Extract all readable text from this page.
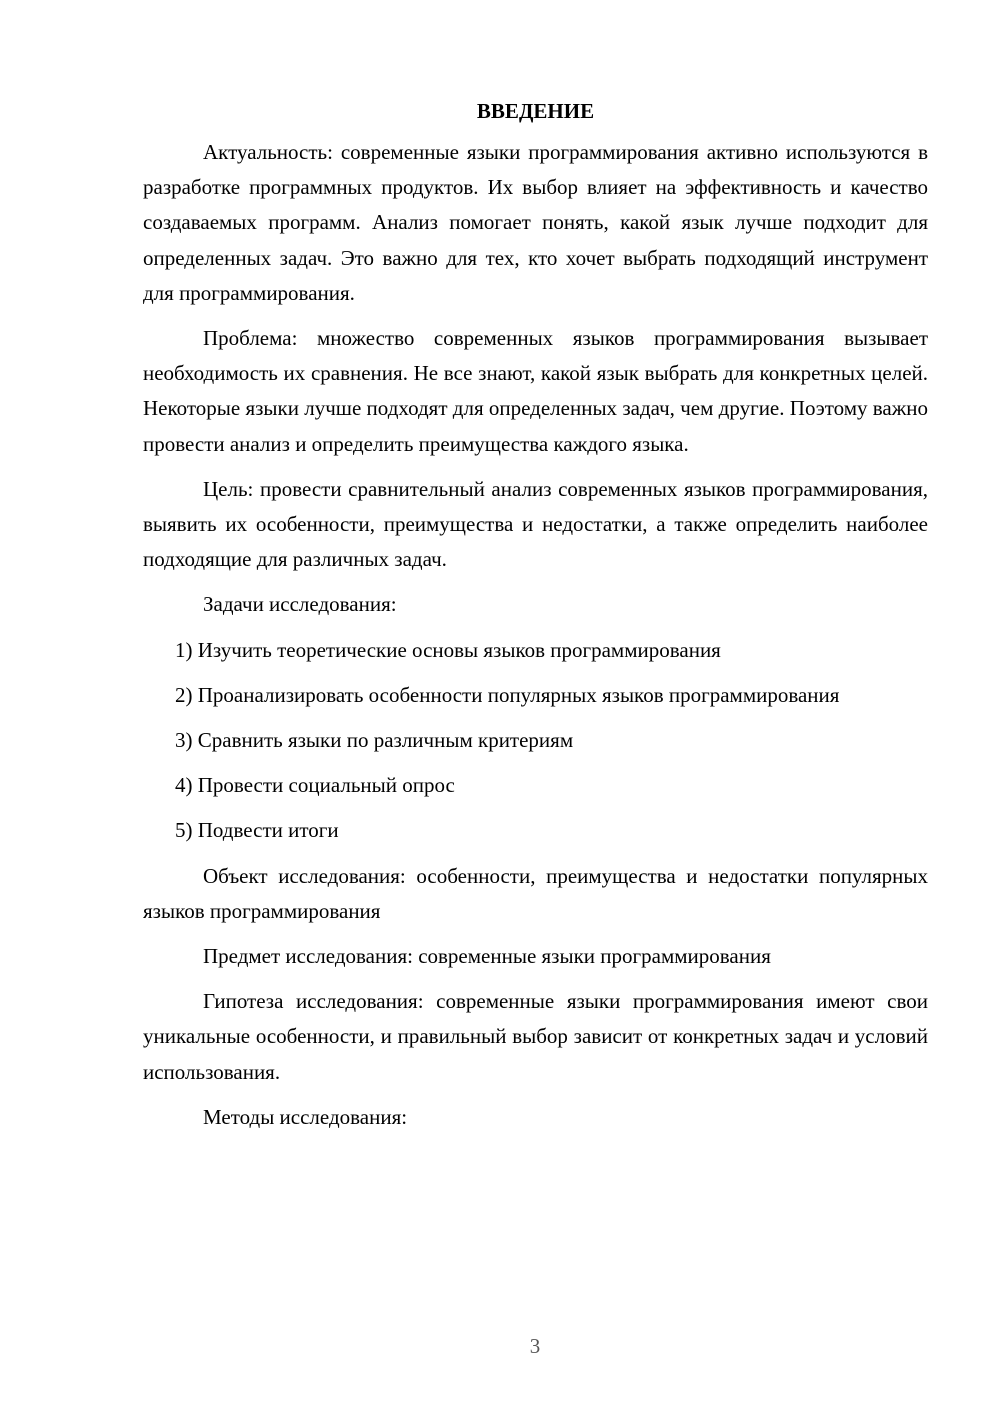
ВВЕДЕНИЕ

Актуальность: современные языки программирования активно используются в разработке программных продуктов. Их выбор влияет на эффективность и качество создаваемых программ. Анализ помогает понять, какой язык лучше подходит для определенных задач. Это важно для тех, кто хочет выбрать подходящий инструмент для программирования.

Проблема: множество современных языков программирования вызывает необходимость их сравнения. Не все знают, какой язык выбрать для конкретных целей. Некоторые языки лучше подходят для определенных задач, чем другие. Поэтому важно провести анализ и определить преимущества каждого языка.

Цель: провести сравнительный анализ современных языков программирования, выявить их особенности, преимущества и недостатки, а также определить наиболее подходящие для различных задач.

Задачи исследования:

1) Изучить теоретические основы языков программирования

2) Проанализировать особенности популярных языков программирования

3) Сравнить языки по различным критериям

4) Провести социальный опрос

5) Подвести итоги

Объект исследования: особенности, преимущества и недостатки популярных языков программирования

Предмет исследования: современные языки программирования

Гипотеза исследования: современные языки программирования имеют свои уникальные особенности, и правильный выбор зависит от конкретных задач и условий использования.

Методы исследования:

3
